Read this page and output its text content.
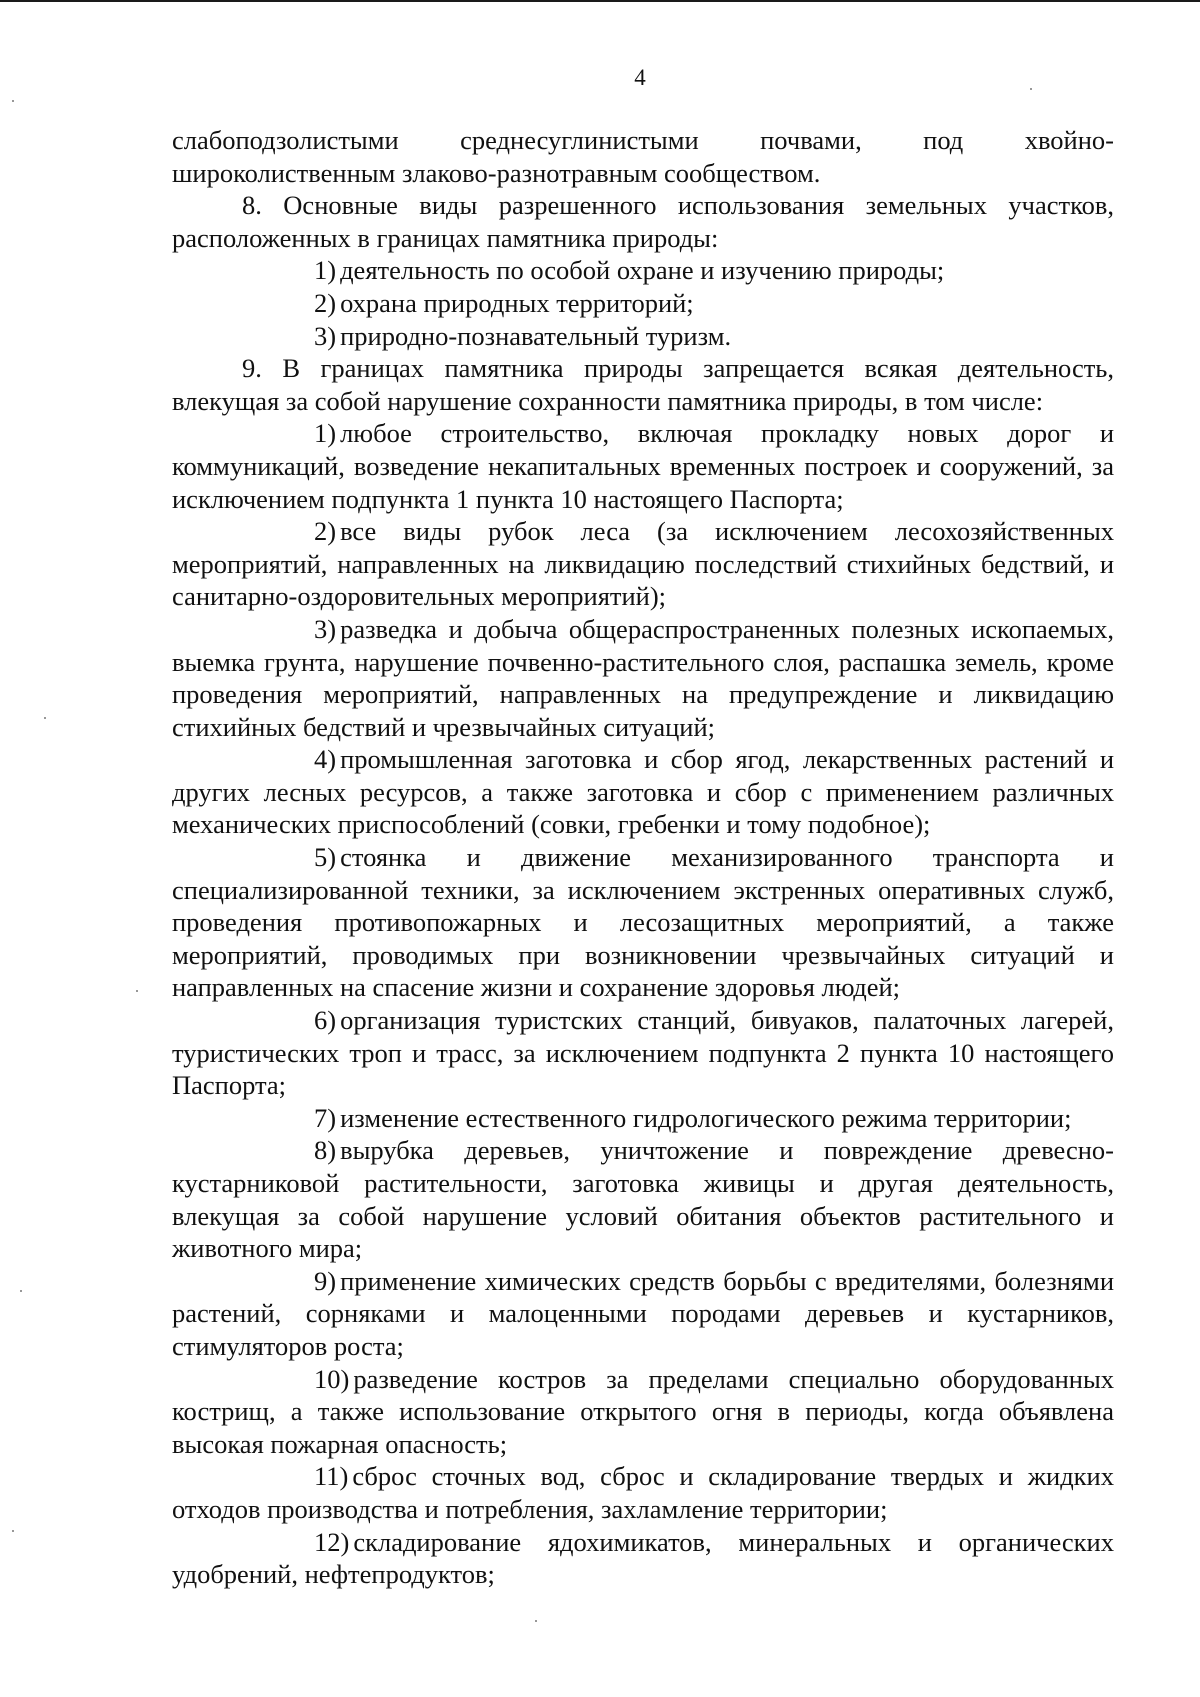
4

слабоподзолистыми среднесуглинистыми почвами, под хвойно-широколиственным злаково-разнотравным сообществом.

8. Основные виды разрешенного использования земельных участков, расположенных в границах памятника природы:

1) деятельность по особой охране и изучению природы;

2) охрана природных территорий;

3) природно-познавательный туризм.

9. В границах памятника природы запрещается всякая деятельность, влекущая за собой нарушение сохранности памятника природы, в том числе:

1) любое строительство, включая прокладку новых дорог и коммуникаций, возведение некапитальных временных построек и сооружений, за исключением подпункта 1 пункта 10 настоящего Паспорта;

2) все виды рубок леса (за исключением лесохозяйственных мероприятий, направленных на ликвидацию последствий стихийных бедствий, и санитарно-оздоровительных мероприятий);

3) разведка и добыча общераспространенных полезных ископаемых, выемка грунта, нарушение почвенно-растительного слоя, распашка земель, кроме проведения мероприятий, направленных на предупреждение и ликвидацию стихийных бедствий и чрезвычайных ситуаций;

4) промышленная заготовка и сбор ягод, лекарственных растений и других лесных ресурсов, а также заготовка и сбор с применением различных механических приспособлений (совки, гребенки и тому подобное);

5) стоянка и движение механизированного транспорта и специализированной техники, за исключением экстренных оперативных служб, проведения противопожарных и лесозащитных мероприятий, а также мероприятий, проводимых при возникновении чрезвычайных ситуаций и направленных на спасение жизни и сохранение здоровья людей;

6) организация туристских станций, бивуаков, палаточных лагерей, туристических троп и трасс, за исключением подпункта 2 пункта 10 настоящего Паспорта;

7) изменение естественного гидрологического режима территории;

8) вырубка деревьев, уничтожение и повреждение древесно-кустарниковой растительности, заготовка живицы и другая деятельность, влекущая за собой нарушение условий обитания объектов растительного и животного мира;

9) применение химических средств борьбы с вредителями, болезнями растений, сорняками и малоценными породами деревьев и кустарников, стимуляторов роста;

10) разведение костров за пределами специально оборудованных кострищ, а также использование открытого огня в периоды, когда объявлена высокая пожарная опасность;

11) сброс сточных вод, сброс и складирование твердых и жидких отходов производства и потребления, захламление территории;

12) складирование ядохимикатов, минеральных и органических удобрений, нефтепродуктов;
